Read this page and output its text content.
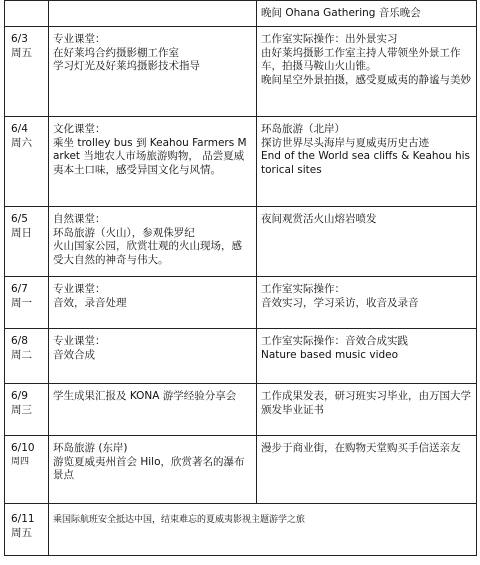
		晚间 Ohana Gathering 音乐晚会

6/3
周五	专业课堂：
在好莱坞合约摄影棚工作室
学习灯光及好莱坞摄影技术指导	工作室实际操作：出外景实习
由好莱坞摄影工作室主持人带领坐外景工作车，拍摄马鞍山火山锥。
晚间星空外景拍摄，感受夏威夷的静谧与美妙

6/4
周六	文化课堂：
乘坐 trolley bus 到 Keahou Farmers Market 当地农人市场旅游购物， 品尝夏威夷本土口味，感受异国文化与风情。	环岛旅游（北岸）
探访世界尽头海岸与夏威夷历史古迹
End of the World sea cliffs & Keahou historical sites

6/5
周日	自然课堂：
环岛旅游（火山），参观侏罗纪
火山国家公园，欣赏壮观的火山现场，感受大自然的神奇与伟大。	夜间观赏活火山熔岩喷发

6/7
周一	专业课堂：
音效，录音处理	工作室实际操作：
音效实习，学习采访，收音及录音

6/8
周二	专业课堂：
音效合成	工作室实际操作：音效合成实践
Nature based music video

6/9
周三	学生成果汇报及 KONA 游学经验分享会	工作成果发表，研习班实习毕业，由万国大学颁发毕业证书

6/10
周四	环岛旅游 (东岸)
游览夏威夷州首会 Hilo，欣赏著名的瀑布景点	漫步于商业街，在购物天堂购买手信送亲友

6/11
周五	乘国际航班安全抵达中国，结束难忘的夏威夷影视主题游学之旅	
